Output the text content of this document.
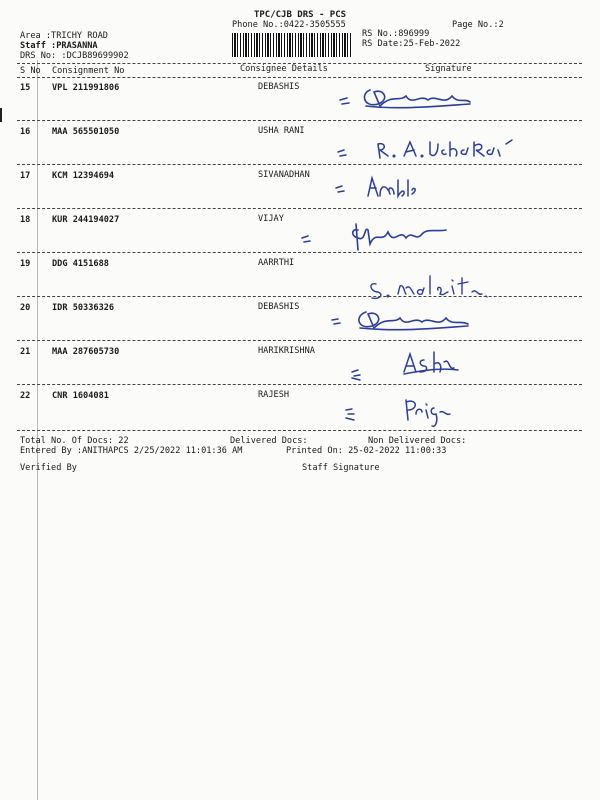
TPC/CJB DRS - PCS
Phone No.:0422-3505555	Page No.:2
Area :TRICHY ROAD
Staff :PRASANNA
DRS No: :DCJB89699902
RS No.:896999
RS Date:25-Feb-2022
S No Consignment No	Consignee Details	Signature
15	VPL 211991806	DEBASHIS
16	MAA 565501050	USHA RANI
17	KCM 12394694	SIVANADHAN
18	KUR 244194027	VIJAY
19	DDG 4151688	AARRTHI
20	IDR 50336326	DEBASHIS
21	MAA 287605730	HARIKRISHNA
22	CNR 1604081	RAJESH
Total No. Of Docs: 22	Delivered Docs:	Non Delivered Docs:
Entered By :ANITHAPCS 2/25/2022 11:01:36 AM	Printed On: 25-02-2022 11:00:33
Verified By	Staff Signature
